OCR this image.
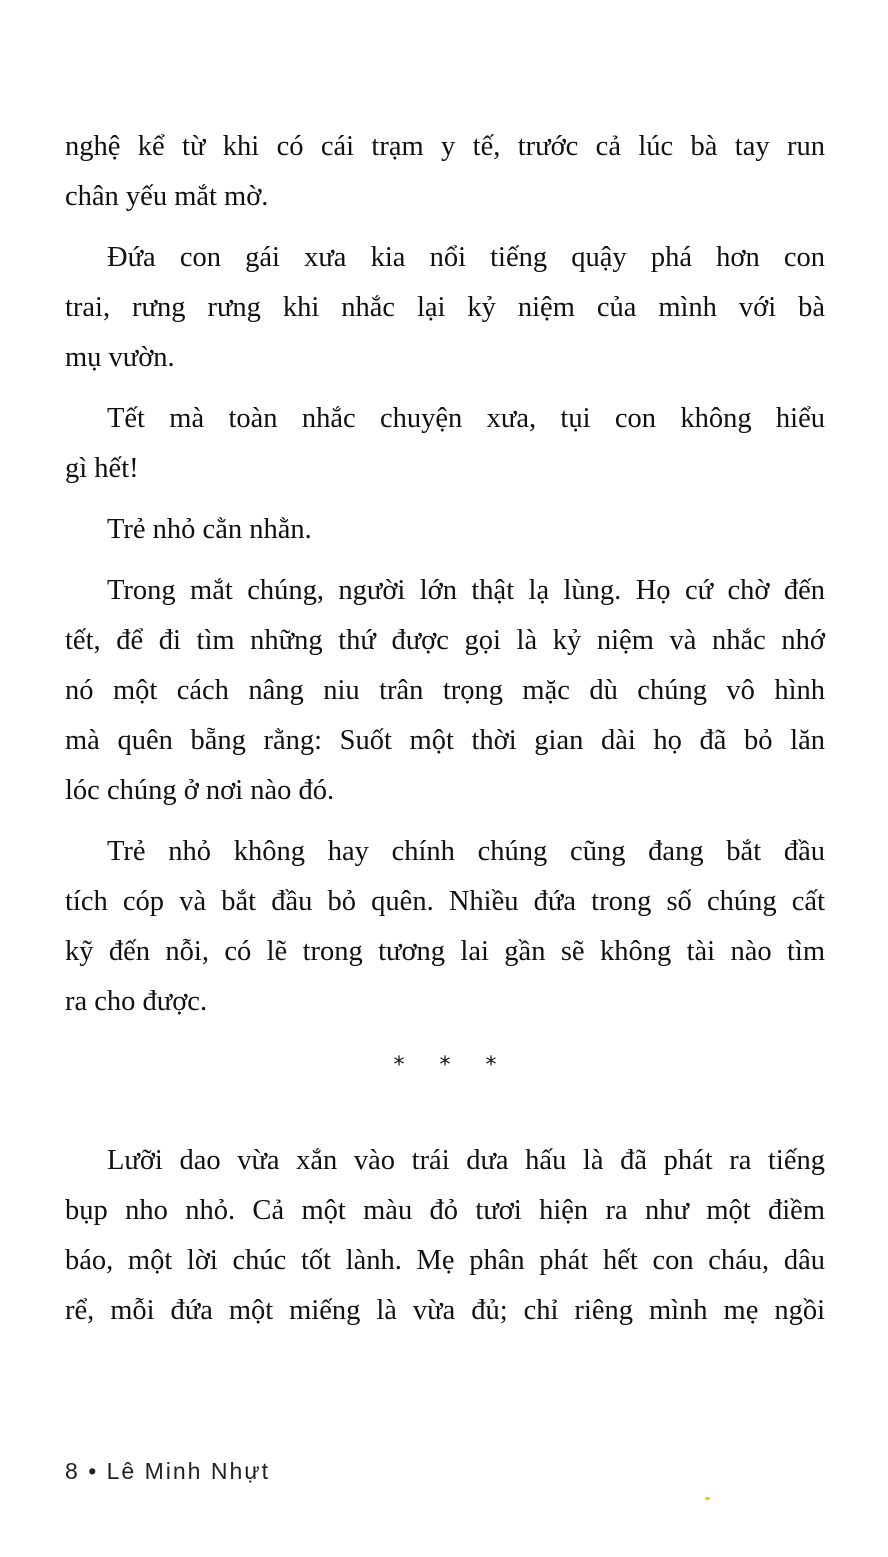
nghệ kể từ khi có cái trạm y tế, trước cả lúc bà tay run
chân yếu mắt mờ.
Đứa con gái xưa kia nổi tiếng quậy phá hơn con
trai, rưng rưng khi nhắc lại kỷ niệm của mình với bà
mụ vườn.
Tết mà toàn nhắc chuyện xưa, tụi con không hiểu
gì hết!
Trẻ nhỏ cằn nhằn.
Trong mắt chúng, người lớn thật lạ lùng. Họ cứ chờ đến
tết, để đi tìm những thứ được gọi là kỷ niệm và nhắc nhớ
nó một cách nâng niu trân trọng mặc dù chúng vô hình
mà quên bẵng rằng: Suốt một thời gian dài họ đã bỏ lăn
lóc chúng ở nơi nào đó.
Trẻ nhỏ không hay chính chúng cũng đang bắt đầu
tích cóp và bắt đầu bỏ quên. Nhiều đứa trong số chúng cất
kỹ đến nỗi, có lẽ trong tương lai gần sẽ không tài nào tìm
ra cho được.
* * *
Lưỡi dao vừa xắn vào trái dưa hấu là đã phát ra tiếng
bụp nho nhỏ. Cả một màu đỏ tươi hiện ra như một điềm
báo, một lời chúc tốt lành. Mẹ phân phát hết con cháu, dâu
rể, mỗi đứa một miếng là vừa đủ; chỉ riêng mình mẹ ngồi
8 • Lê Minh Nhựt
